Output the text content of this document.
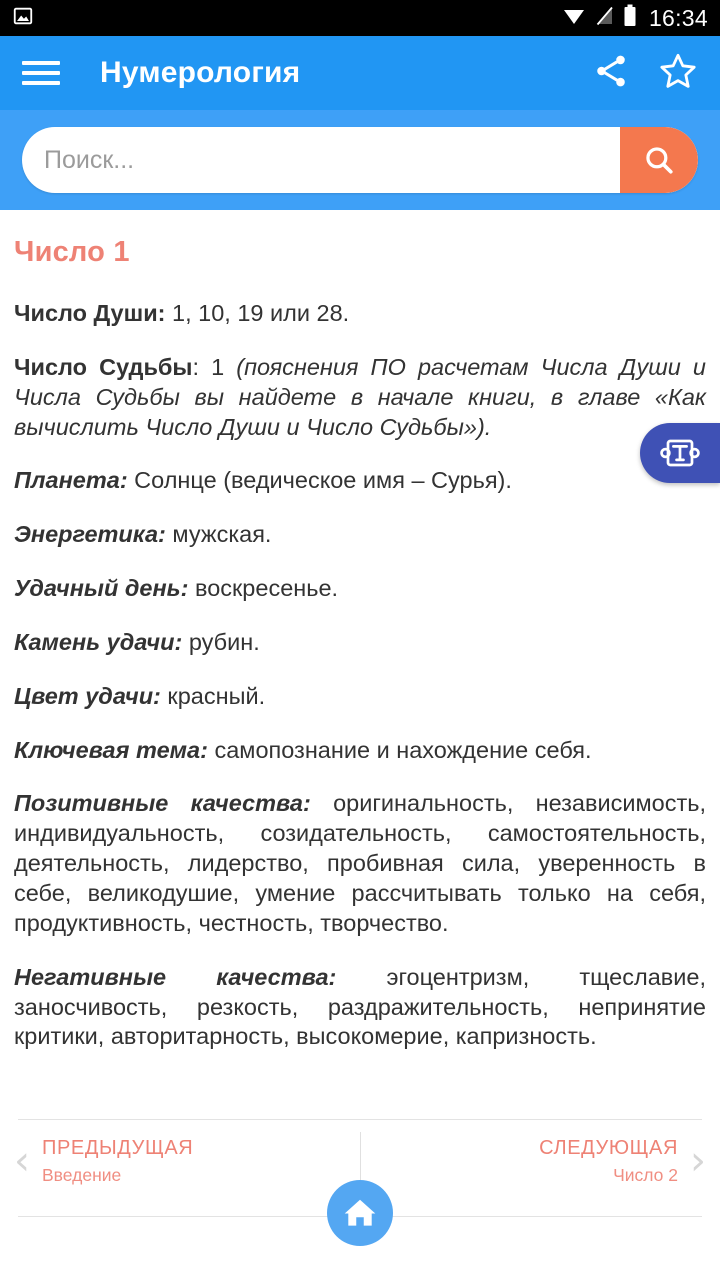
16:34
Нумерология
Поиск...
Число 1

Число Души: 1, 10, 19 или 28.

Число Судьбы: 1 (пояснения ПО расчетам Числа Души и Числа Судьбы вы найдете в начале книги, в главе «Как вычислить Число Души и Число Судьбы»).

Планета: Солнце (ведическое имя – Сурья).

Энергетика: мужская.

Удачный день: воскресенье.

Камень удачи: рубин.

Цвет удачи: красный.

Ключевая тема: самопознание и нахождение себя.

Позитивные качества: оригинальность, независимость, индивидуальность, созидательность, самостоятельность, деятельность, лидерство, пробивная сила, уверенность в себе, великодушие, умение рассчитывать только на себя, продуктивность, честность, творчество.

Негативные качества: эгоцентризм, тщеславие, заносчивость, резкость, раздражительность, непринятие критики, авторитарность, высокомерие, капризность.

‹ ПРЕДЫДУЩАЯ
Введение
СЛЕДУЮЩАЯ
Число 2 ›
